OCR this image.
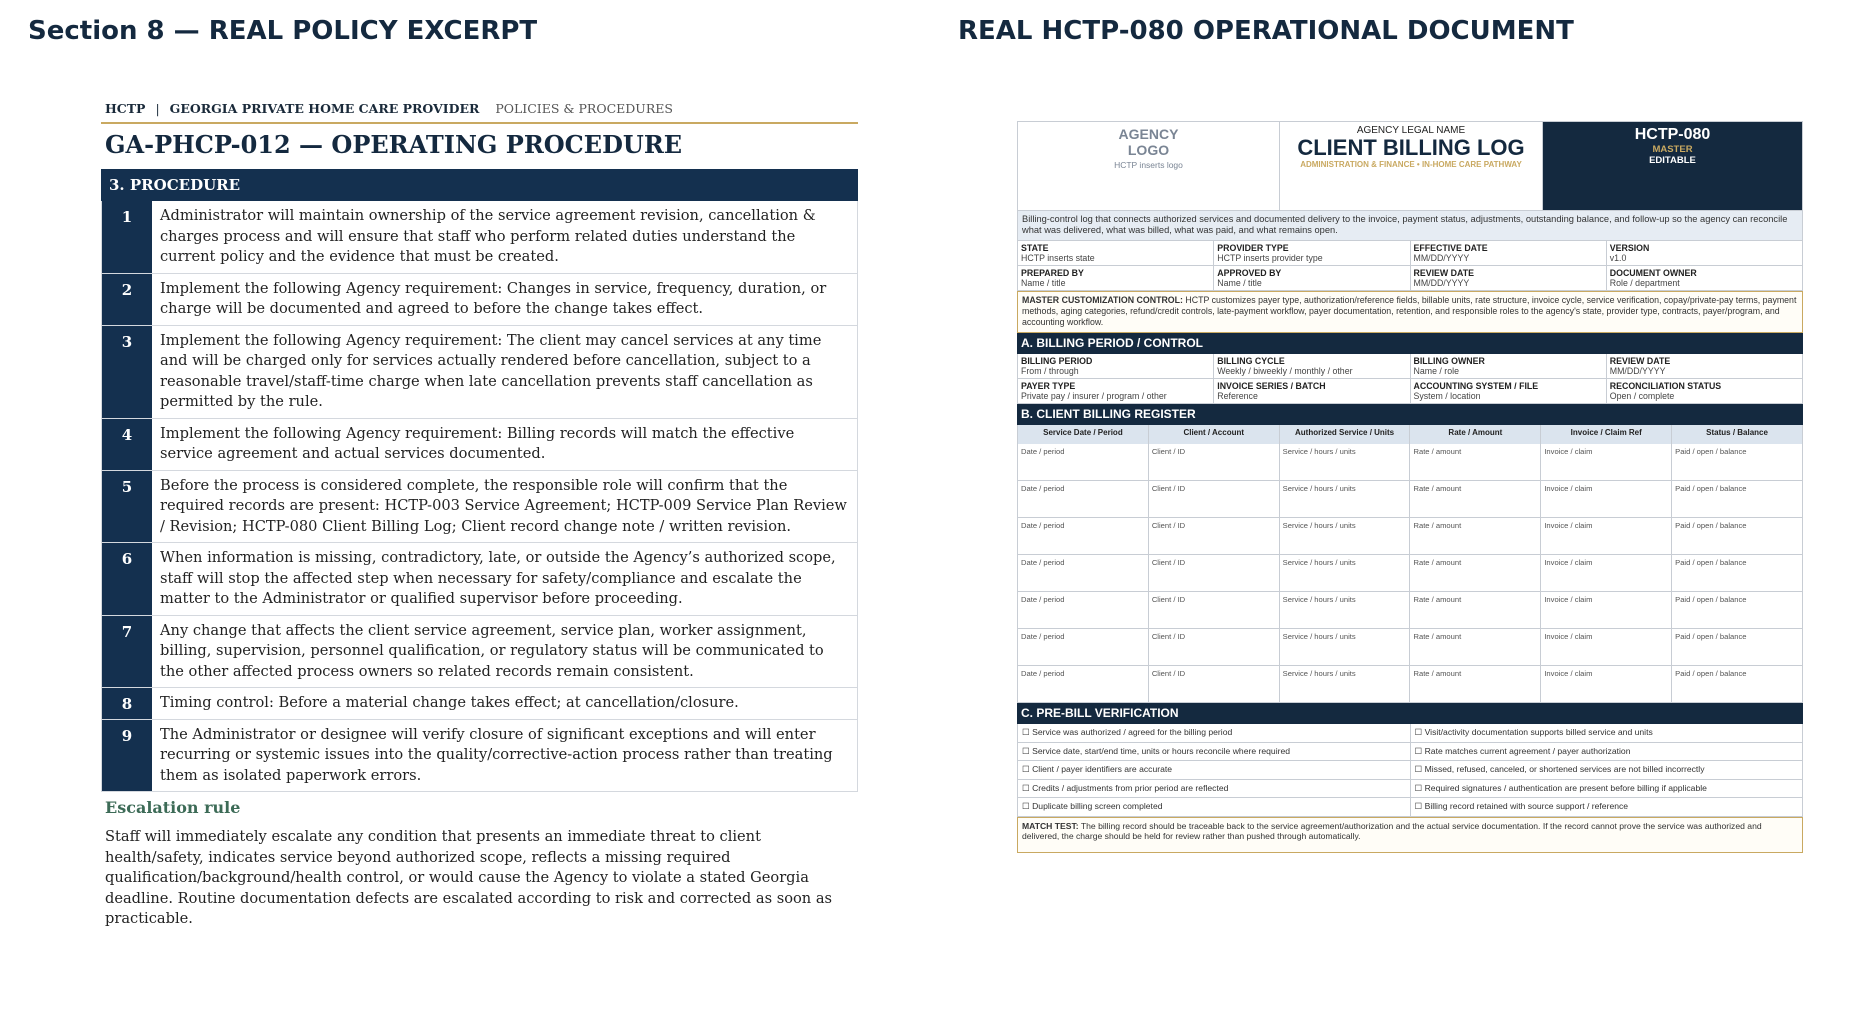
Section 8 — REAL POLICY EXCERPT	REAL HCTP-080 OPERATIONAL DOCUMENT
HCTP | GEORGIA PRIVATE HOME CARE PROVIDER POLICIES & PROCEDURES
GA-PHCP-012 — OPERATING PROCEDURE
3. PROCEDURE
1	Administrator will maintain ownership of the service agreement revision, cancellation & charges process and will ensure that staff who perform related duties understand the current policy and the evidence that must be created.
2	Implement the following Agency requirement: Changes in service, frequency, duration, or charge will be documented and agreed to before the change takes effect.
3	Implement the following Agency requirement: The client may cancel services at any time and will be charged only for services actually rendered before cancellation, subject to a reasonable travel/staff-time charge when late cancellation prevents staff cancellation as permitted by the rule.
4	Implement the following Agency requirement: Billing records will match the effective service agreement and actual services documented.
5	Before the process is considered complete, the responsible role will confirm that the required records are present: HCTP-003 Service Agreement; HCTP-009 Service Plan Review / Revision; HCTP-080 Client Billing Log; Client record change note / written revision.
6	When information is missing, contradictory, late, or outside the Agency’s authorized scope, staff will stop the affected step when necessary for safety/compliance and escalate the matter to the Administrator or qualified supervisor before proceeding.
7	Any change that affects the client service agreement, service plan, worker assignment, billing, supervision, personnel qualification, or regulatory status will be communicated to the other affected process owners so related records remain consistent.
8	Timing control: Before a material change takes effect; at cancellation/closure.
9	The Administrator or designee will verify closure of significant exceptions and will enter recurring or systemic issues into the quality/corrective-action process rather than treating them as isolated paperwork errors.
Escalation rule
Staff will immediately escalate any condition that presents an immediate threat to client health/safety, indicates service beyond authorized scope, reflects a missing required qualification/background/health control, or would cause the Agency to violate a stated Georgia deadline. Routine documentation defects are escalated according to risk and corrected as soon as practicable.
AGENCY
LOGO
HCTP inserts logo
AGENCY LEGAL NAME
CLIENT BILLING LOG
ADMINISTRATION & FINANCE • IN-HOME CARE PATHWAY
HCTP-080
MASTER
EDITABLE
Billing-control log that connects authorized services and documented delivery to the invoice, payment status, adjustments, outstanding balance, and follow-up so the agency can reconcile what was delivered, what was billed, what was paid, and what remains open.
STATE
HCTP inserts state
PROVIDER TYPE
HCTP inserts provider type
EFFECTIVE DATE
MM/DD/YYYY
VERSION
v1.0
PREPARED BY
Name / title
APPROVED BY
Name / title
REVIEW DATE
MM/DD/YYYY
DOCUMENT OWNER
Role / department
MASTER CUSTOMIZATION CONTROL: HCTP customizes payer type, authorization/reference fields, billable units, rate structure, invoice cycle, service verification, copay/private-pay terms, payment methods, aging categories, refund/credit controls, late-payment workflow, payer documentation, retention, and responsible roles to the agency's state, provider type, contracts, payer/program, and accounting workflow.
A. BILLING PERIOD / CONTROL
BILLING PERIOD
From / through
BILLING CYCLE
Weekly / biweekly / monthly / other
BILLING OWNER
Name / role
REVIEW DATE
MM/DD/YYYY
PAYER TYPE
Private pay / insurer / program / other
INVOICE SERIES / BATCH
Reference
ACCOUNTING SYSTEM / FILE
System / location
RECONCILIATION STATUS
Open / complete
B. CLIENT BILLING REGISTER
Service Date / Period	Client / Account	Authorized Service / Units	Rate / Amount	Invoice / Claim Ref	Status / Balance
Date / period	Client / ID	Service / hours / units	Rate / amount	Invoice / claim	Paid / open / balance
Date / period	Client / ID	Service / hours / units	Rate / amount	Invoice / claim	Paid / open / balance
Date / period	Client / ID	Service / hours / units	Rate / amount	Invoice / claim	Paid / open / balance
Date / period	Client / ID	Service / hours / units	Rate / amount	Invoice / claim	Paid / open / balance
Date / period	Client / ID	Service / hours / units	Rate / amount	Invoice / claim	Paid / open / balance
Date / period	Client / ID	Service / hours / units	Rate / amount	Invoice / claim	Paid / open / balance
Date / period	Client / ID	Service / hours / units	Rate / amount	Invoice / claim	Paid / open / balance
C. PRE-BILL VERIFICATION
☐ Service was authorized / agreed for the billing period
☐ Service date, start/end time, units or hours reconcile where required
☐ Client / payer identifiers are accurate
☐ Credits / adjustments from prior period are reflected
☐ Duplicate billing screen completed
☐ Visit/activity documentation supports billed service and units
☐ Rate matches current agreement / payer authorization
☐ Missed, refused, canceled, or shortened services are not billed incorrectly
☐ Required signatures / authentication are present before billing if applicable
☐ Billing record retained with source support / reference
MATCH TEST: The billing record should be traceable back to the service agreement/authorization and the actual service documentation. If the record cannot prove the service was authorized and delivered, the charge should be held for review rather than pushed through automatically.
